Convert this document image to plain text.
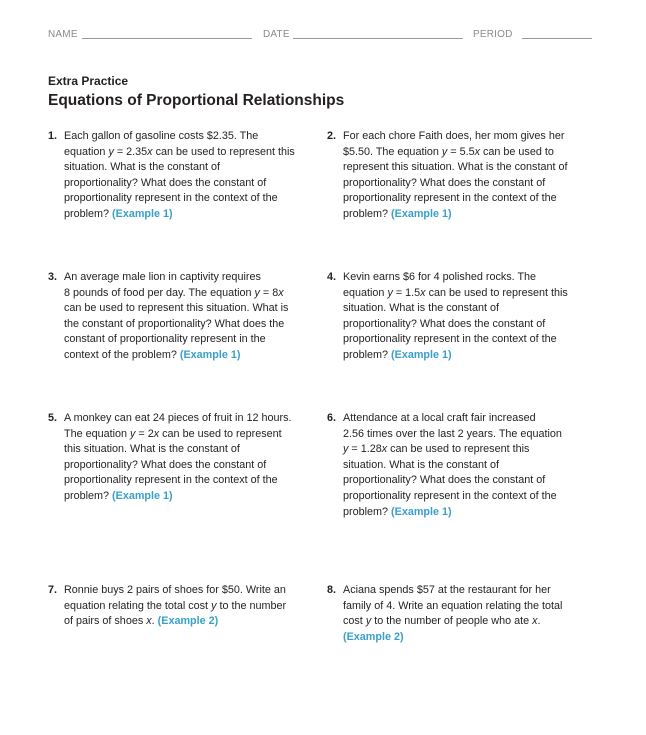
NAME	DATE	PERIOD
Extra Practice
Equations of Proportional Relationships
1. Each gallon of gasoline costs $2.35. The
equation y = 2.35x can be used to represent this
situation. What is the constant of
proportionality? What does the constant of
proportionality represent in the context of the
problem? (Example 1)
2. For each chore Faith does, her mom gives her
$5.50. The equation y = 5.5x can be used to
represent this situation. What is the constant of
proportionality? What does the constant of
proportionality represent in the context of the
problem? (Example 1)
3. An average male lion in captivity requires
8 pounds of food per day. The equation y = 8x
can be used to represent this situation. What is
the constant of proportionality? What does the
constant of proportionality represent in the
context of the problem? (Example 1)
4. Kevin earns $6 for 4 polished rocks. The
equation y = 1.5x can be used to represent this
situation. What is the constant of
proportionality? What does the constant of
proportionality represent in the context of the
problem? (Example 1)
5. A monkey can eat 24 pieces of fruit in 12 hours.
The equation y = 2x can be used to represent
this situation. What is the constant of
proportionality? What does the constant of
proportionality represent in the context of the
problem? (Example 1)
6. Attendance at a local craft fair increased
2.56 times over the last 2 years. The equation
y = 1.28x can be used to represent this
situation. What is the constant of
proportionality? What does the constant of
proportionality represent in the context of the
problem? (Example 1)
7. Ronnie buys 2 pairs of shoes for $50. Write an
equation relating the total cost y to the number
of pairs of shoes x. (Example 2)
8. Aciana spends $57 at the restaurant for her
family of 4. Write an equation relating the total
cost y to the number of people who ate x.
(Example 2)
